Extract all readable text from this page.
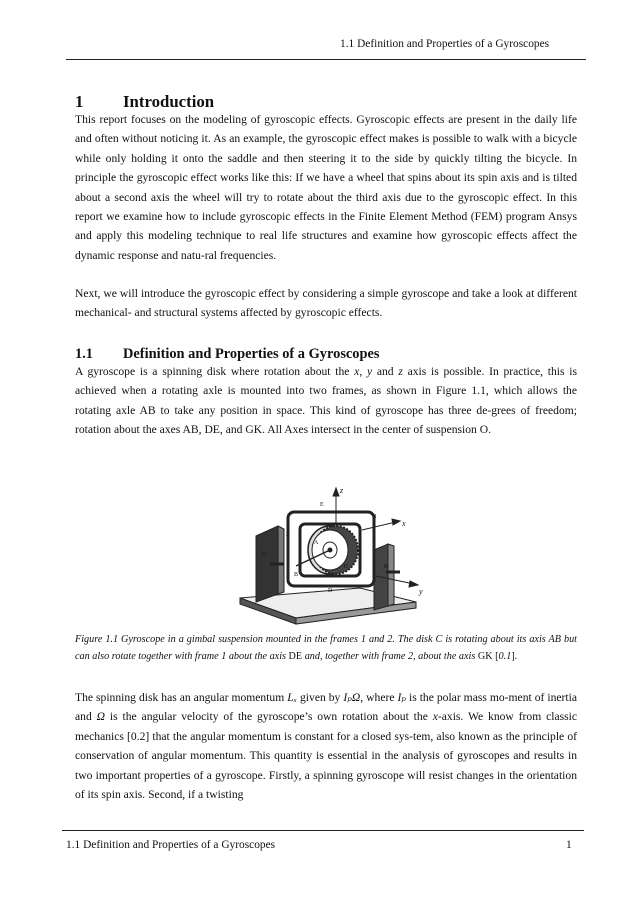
1.1 Definition and Properties of a Gyroscopes
1 Introduction

This report focuses on the modeling of gyroscopic effects. Gyroscopic effects are present in the daily life and often without noticing it. As an example, the gyroscopic effect makes is possible to walk with a bicycle while only holding it onto the saddle and then steering it to the side by quickly tilting the bicycle. In principle the gyroscopic effect works like this: If we have a wheel that spins about its spin axis and is tilted about a second axis the wheel will try to rotate about the third axis due to the gyroscopic effect. In this report we examine how to include gyroscopic effects in the Finite Element Method (FEM) program Ansys and apply this modeling technique to real life structures and examine how gyroscopic effects affect the dynamic response and natu-ral frequencies.

Next, we will introduce the gyroscopic effect by considering a simple gyroscope and take a look at different mechanical- and structural systems affected by gyroscopic effects.

1.1 Definition and Properties of a Gyroscopes

A gyroscope is a spinning disk where rotation about the x, y and z axis is possible. In practice, this is achieved when a rotating axle is mounted into two frames, as shown in Figure 1.1, which allows the rotating axle AB to take any position in space. This kind of gyroscope has three de-grees of freedom; rotation about the axes AB, DE, and GK. All Axes intersect in the center of suspension O.

z
x
y
E
C
A
B
D
G
K
1
2

Figure 1.1 Gyroscope in a gimbal suspension mounted in the frames 1 and 2. The disk C is rotating about its axis AB but can also rotate together with frame 1 about the axis DE and, together with frame 2, about the axis GK [0.1].

The spinning disk has an angular momentum Lₓ given by IₚΩ, where Iₚ is the polar mass mo-ment of inertia and Ω is the angular velocity of the gyroscope’s own rotation about the x-axis. We know from classic mechanics [0.2] that the angular momentum is constant for a closed sys-tem, also known as the principle of conservation of angular momentum. This quantity is essential in the analysis of gyroscopes and results in two important properties of a gyroscope. Firstly, a spinning gyroscope will resist changes in the orientation of its spin axis. Second, if a twisting

1.1 Definition and Properties of a Gyroscopes	1
